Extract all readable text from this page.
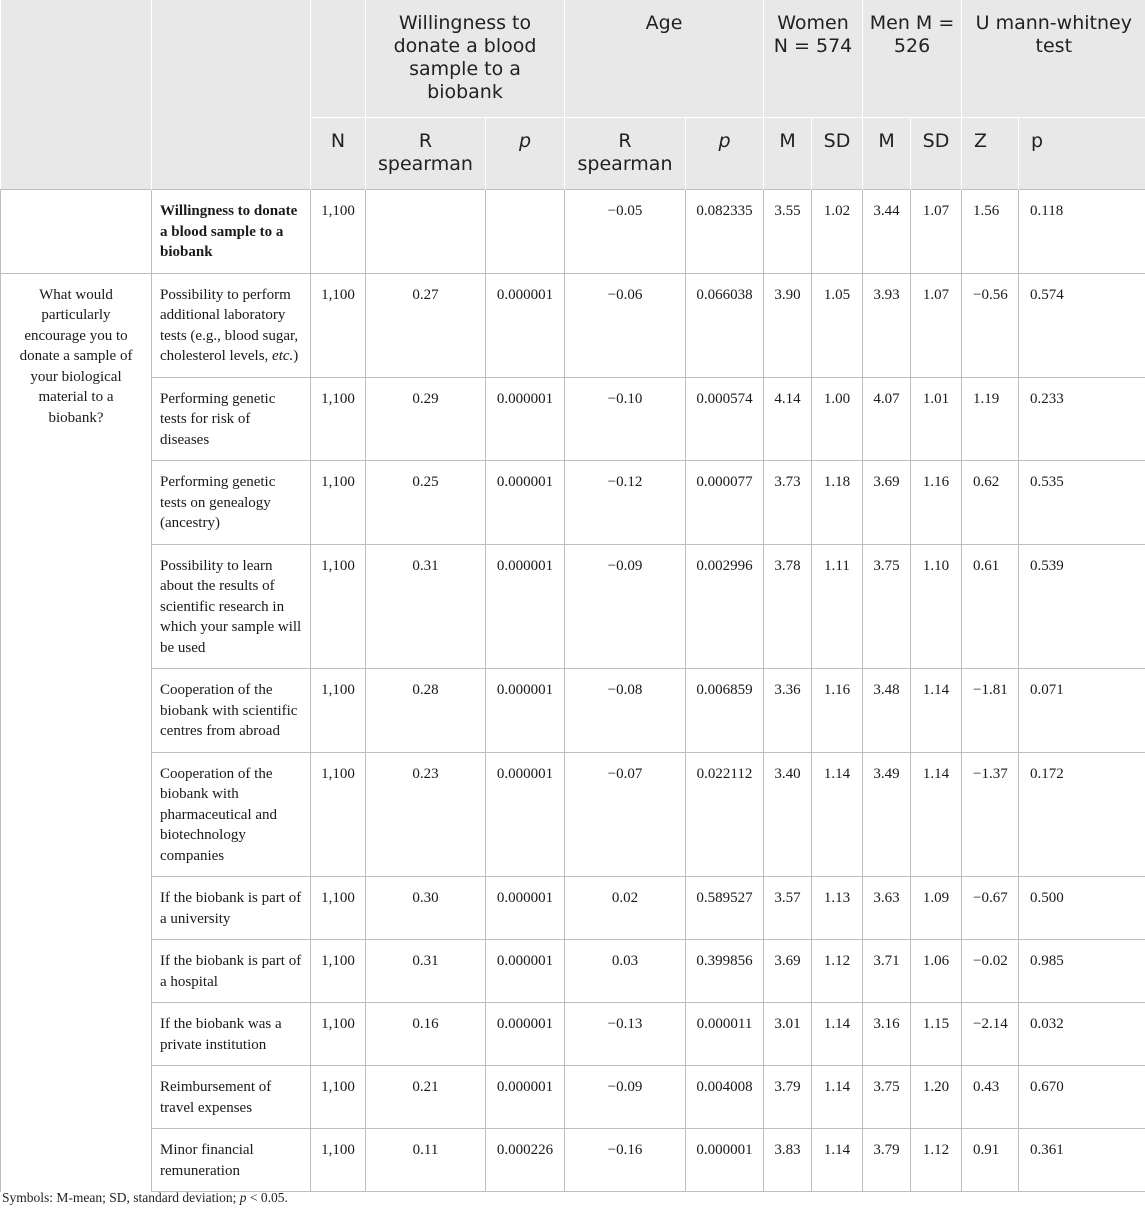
			Willingness to donate a blood sample to a biobank		Age		Women N = 574		Men M = 526		U mann-whitney test	
		N	R spearman	p	R spearman	p	M	SD	M	SD	Z	p
	Willingness to donate a blood sample to a biobank	1,100			−0.05	0.082335	3.55	1.02	3.44	1.07	1.56	0.118
What would particularly encourage you to donate a sample of your biological material to a biobank?	Possibility to perform additional laboratory tests (e.g., blood sugar, cholesterol levels, etc.)	1,100	0.27	0.000001	−0.06	0.066038	3.90	1.05	3.93	1.07	−0.56	0.574
	Performing genetic tests for risk of diseases	1,100	0.29	0.000001	−0.10	0.000574	4.14	1.00	4.07	1.01	1.19	0.233
	Performing genetic tests on genealogy (ancestry)	1,100	0.25	0.000001	−0.12	0.000077	3.73	1.18	3.69	1.16	0.62	0.535
	Possibility to learn about the results of scientific research in which your sample will be used	1,100	0.31	0.000001	−0.09	0.002996	3.78	1.11	3.75	1.10	0.61	0.539
	Cooperation of the biobank with scientific centres from abroad	1,100	0.28	0.000001	−0.08	0.006859	3.36	1.16	3.48	1.14	−1.81	0.071
	Cooperation of the biobank with pharmaceutical and biotechnology companies	1,100	0.23	0.000001	−0.07	0.022112	3.40	1.14	3.49	1.14	−1.37	0.172
	If the biobank is part of a university	1,100	0.30	0.000001	0.02	0.589527	3.57	1.13	3.63	1.09	−0.67	0.500
	If the biobank is part of a hospital	1,100	0.31	0.000001	0.03	0.399856	3.69	1.12	3.71	1.06	−0.02	0.985
	If the biobank was a private institution	1,100	0.16	0.000001	−0.13	0.000011	3.01	1.14	3.16	1.15	−2.14	0.032
	Reimbursement of travel expenses	1,100	0.21	0.000001	−0.09	0.004008	3.79	1.14	3.75	1.20	0.43	0.670
	Minor financial remuneration	1,100	0.11	0.000226	−0.16	0.000001	3.83	1.14	3.79	1.12	0.91	0.361
Symbols: M-mean; SD, standard deviation; p < 0.05.
